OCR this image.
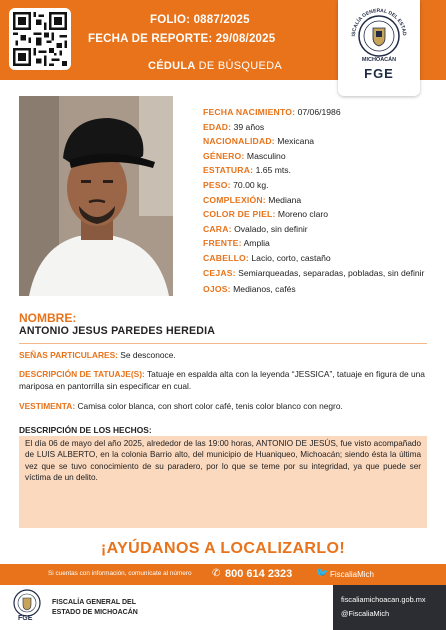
FOLIO: 0887/2025
FECHA DE REPORTE: 29/08/2025
CÉDULA DE BÚSQUEDA
ISCALÍA GENERAL DEL ESTAD
MICHOACÁN
FGE
FECHA NACIMIENTO: 07/06/1986
EDAD: 39 años
NACIONALIDAD: Mexicana
GÉNERO: Masculino
ESTATURA: 1.65 mts.
PESO: 70.00 kg.
COMPLEXIÓN: Mediana
COLOR DE PIEL: Moreno claro
CARA: Ovalado, sin definir
FRENTE: Amplia
CABELLO: Lacio, corto, castaño
CEJAS: Semiarqueadas, separadas, pobladas, sin definir
OJOS: Medianos, cafés
NOMBRE:
ANTONIO JESUS PAREDES HEREDIA
SEÑAS PARTICULARES: Se desconoce.
DESCRIPCIÓN DE TATUAJE(S): Tatuaje en espalda alta con la leyenda “JESSICA”, tatuaje en figura de una mariposa en pantorrilla sin especificar en cual.
VESTIMENTA: Camisa color blanca, con short color café, tenis color blanco con negro.
DESCRIPCIÓN DE LOS HECHOS:
El día 06 de mayo del año 2025, alrededor de las 19:00 horas, ANTONIO DE JESÚS, fue visto acompañado de LUIS ALBERTO, en la colonia Barrio alto, del municipio de Huaniqueo, Michoacán; siendo ésta la última vez que se tuvo conocimiento de su paradero, por lo que se teme por su integridad, ya que puede ser víctima de un delito.
¡AYÚDANOS A LOCALIZARLO!
Si cuentas con información, comunícate al número ✆ 800 614 2323 🐦 FiscaliaMich
FGE
FISCALÍA GENERAL DEL
ESTADO DE MICHOACÁN
fiscaliamichoacan.gob.mx
@FiscaliaMich
